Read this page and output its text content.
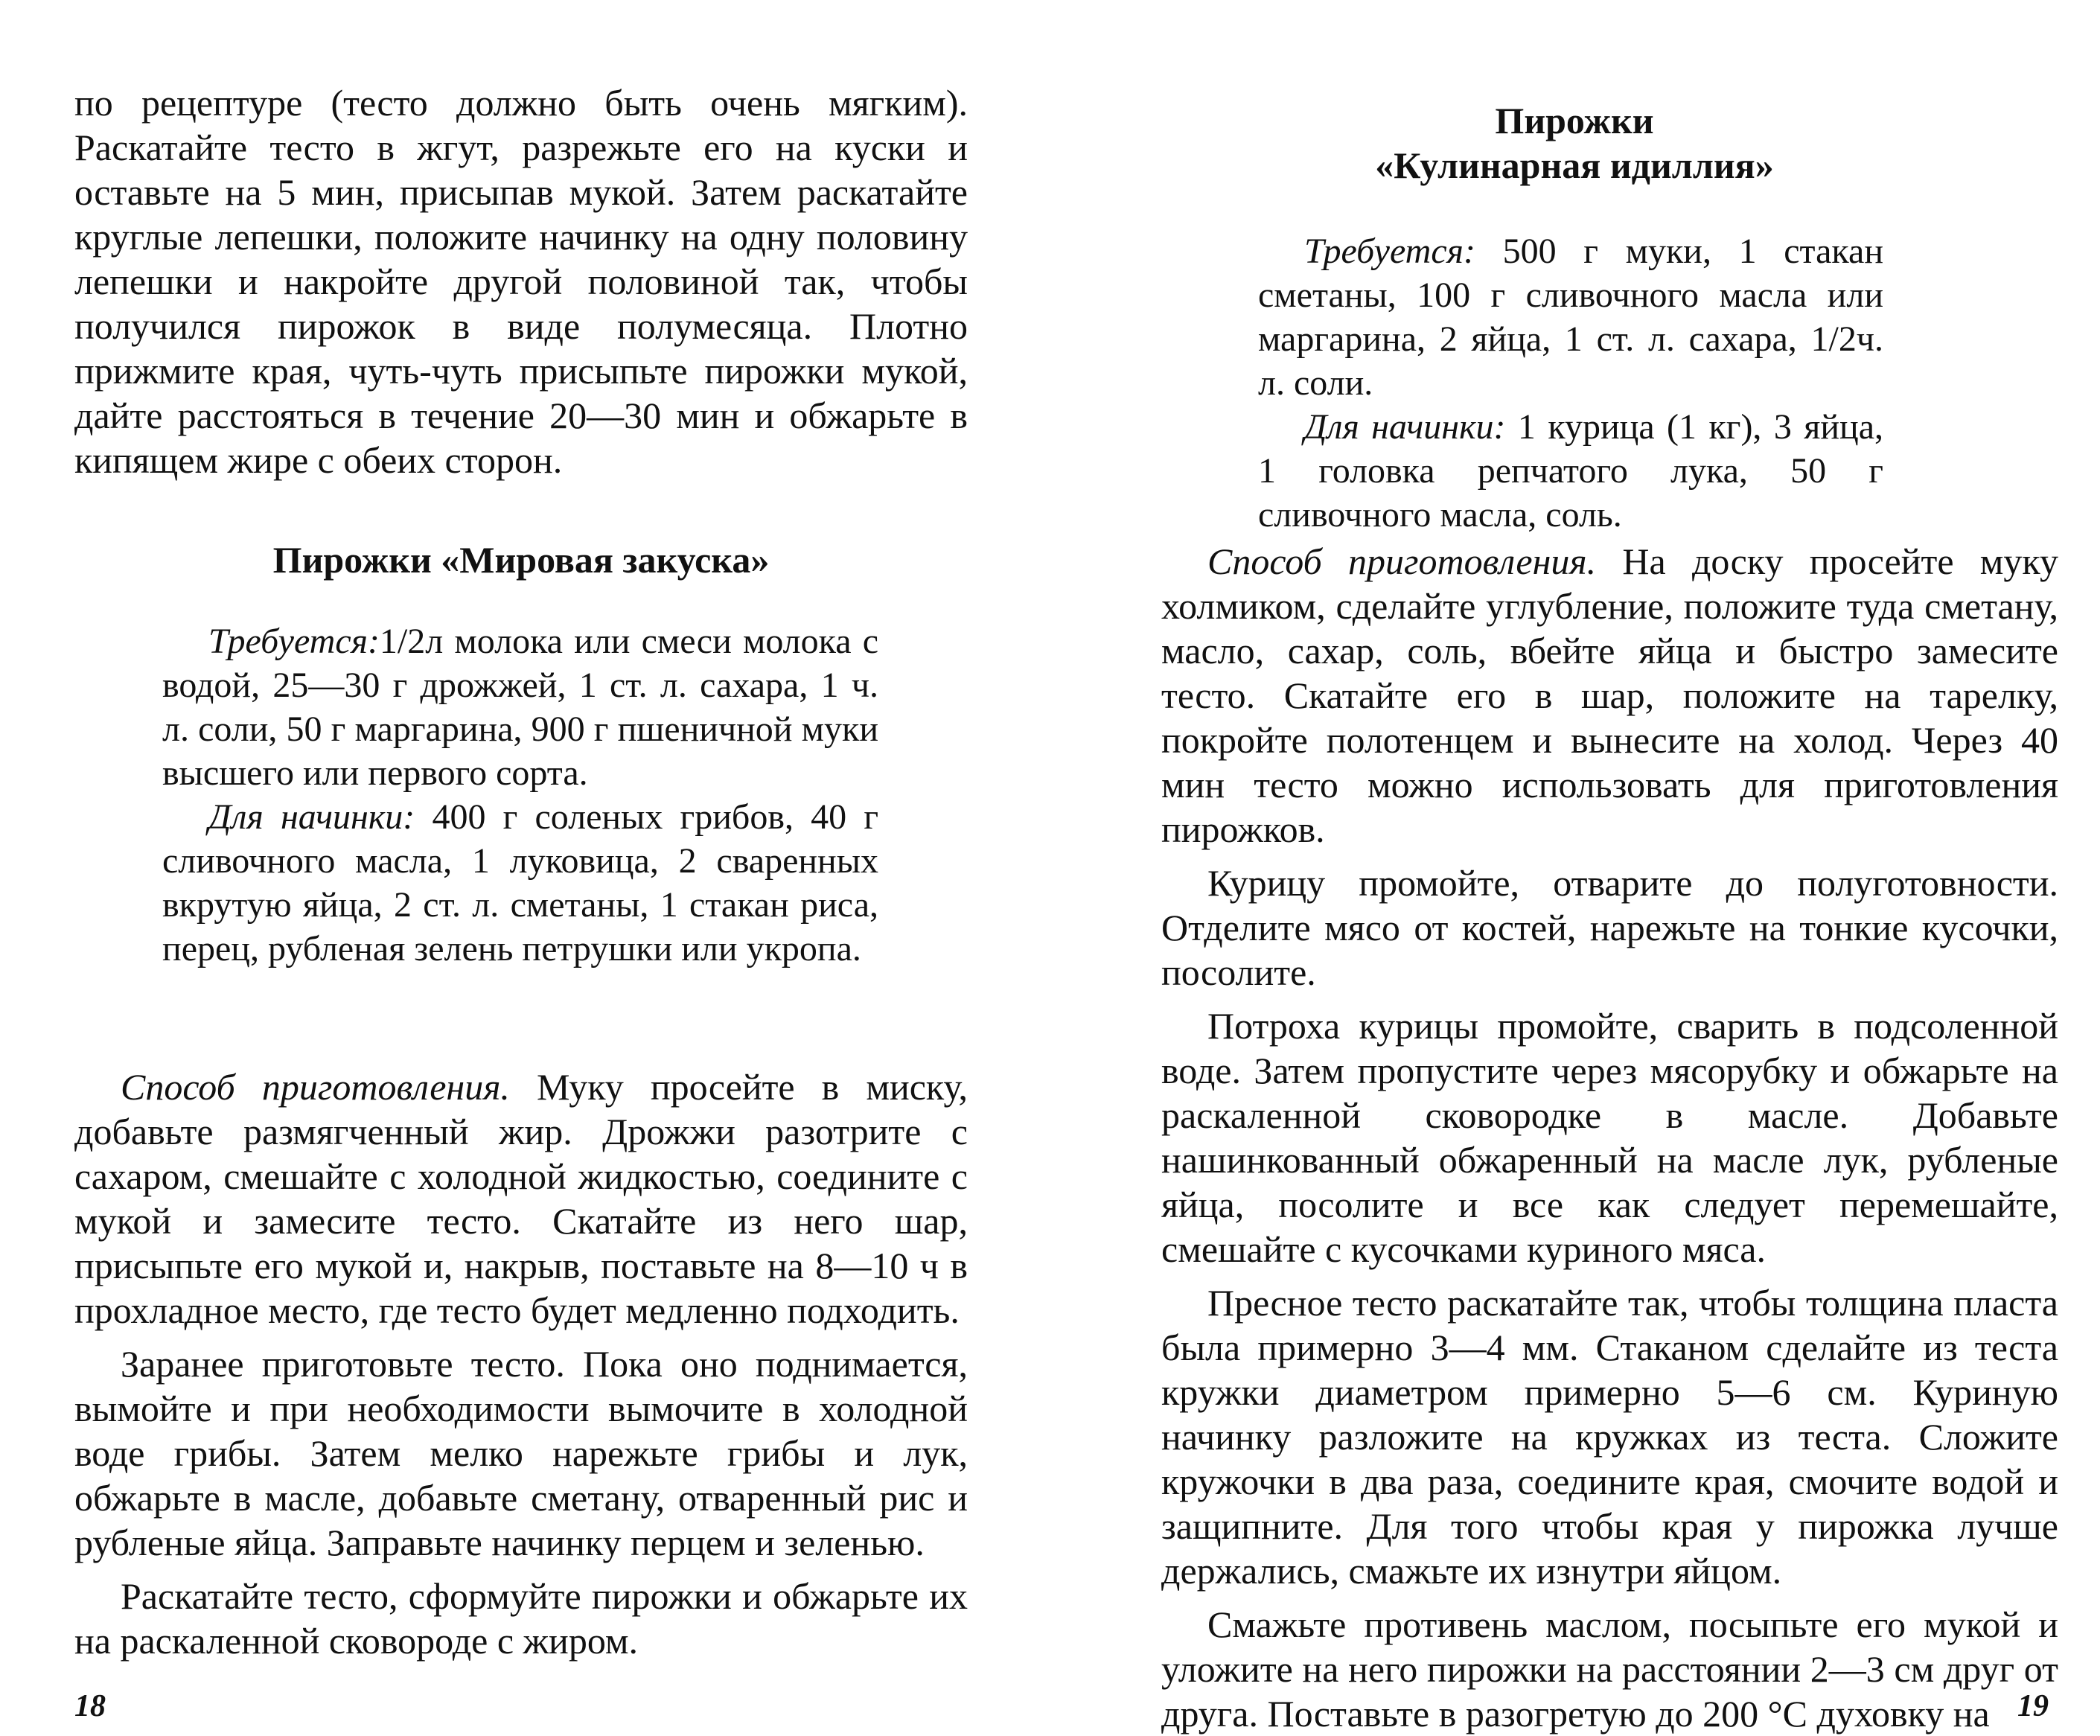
по рецептуре (тесто должно быть очень мягким). Раскатайте тесто в жгут, разрежьте его на куски и оставьте на 5 мин, присыпав мукой. Затем раскатайте круглые лепешки, положите начинку на одну половину лепешки и накройте другой половиной так, чтобы получился пирожок в виде полумесяца. Плотно прижмите края, чуть-чуть присыпьте пирожки мукой, дайте расстояться в течение 20—30 мин и обжарьте в кипящем жире с обеих сторон.

Пирожки «Мировая закуска»

Требуется:1/2л молока или смеси молока с водой, 25—30 г дрожжей, 1 ст. л. сахара, 1 ч. л. соли, 50 г маргарина, 900 г пшеничной муки высшего или первого сорта.

Для начинки: 400 г соленых грибов, 40 г сливочного масла, 1 луковица, 2 сваренных вкрутую яйца, 2 ст. л. сметаны, 1 стакан риса, перец, рубленая зелень петрушки или укропа.

Способ приготовления. Муку просейте в миску, добавьте размягченный жир. Дрожжи разотрите с сахаром, смешайте с холодной жидкостью, соедините с мукой и замесите тесто. Скатайте из него шар, присыпьте его мукой и, накрыв, поставьте на 8—10 ч в прохладное место, где тесто будет медленно подходить.

Заранее приготовьте тесто. Пока оно поднимается, вымойте и при необходимости вымочите в холодной воде грибы. Затем мелко нарежьте грибы и лук, обжарьте в масле, добавьте сметану, отваренный рис и рубленые яйца. Заправьте начинку перцем и зеленью.

Раскатайте тесто, сформуйте пирожки и обжарьте их на раскаленной сковороде с жиром.

18
Пирожки
«Кулинарная идиллия»

Требуется: 500 г муки, 1 стакан сметаны, 100 г сливочного масла или маргарина, 2 яйца, 1 ст. л. сахара, 1/2ч. л. соли.

Для начинки: 1 курица (1 кг), 3 яйца, 1 головка репчатого лука, 50 г сливочного масла, соль.

Способ приготовления. На доску просейте муку холмиком, сделайте углубление, положите туда сметану, масло, сахар, соль, вбейте яйца и быстро замесите тесто. Скатайте его в шар, положите на тарелку, покройте полотенцем и вынесите на холод. Через 40 мин тесто можно использовать для приготовления пирожков.

Курицу промойте, отварите до полуготовности. Отделите мясо от костей, нарежьте на тонкие кусочки, посолите.

Потроха курицы промойте, сварить в подсоленной воде. Затем пропустите через мясорубку и обжарьте на раскаленной сковородке в масле. Добавьте нашинкованный обжаренный на масле лук, рубленые яйца, посолите и все как следует перемешайте, смешайте с кусочками куриного мяса.

Пресное тесто раскатайте так, чтобы толщина пласта была примерно 3—4 мм. Стаканом сделайте из теста кружки диаметром примерно 5—6 см. Куриную начинку разложите на кружках из теста. Сложите кружочки в два раза, соедините края, смочите водой и защипните. Для того чтобы края у пирожка лучше держались, смажьте их изнутри яйцом.

Смажьте противень маслом, посыпьте его мукой и уложите на него пирожки на расстоянии 2—3 см друг от друга. Поставьте в разогретую до 200 °С духовку на 19
